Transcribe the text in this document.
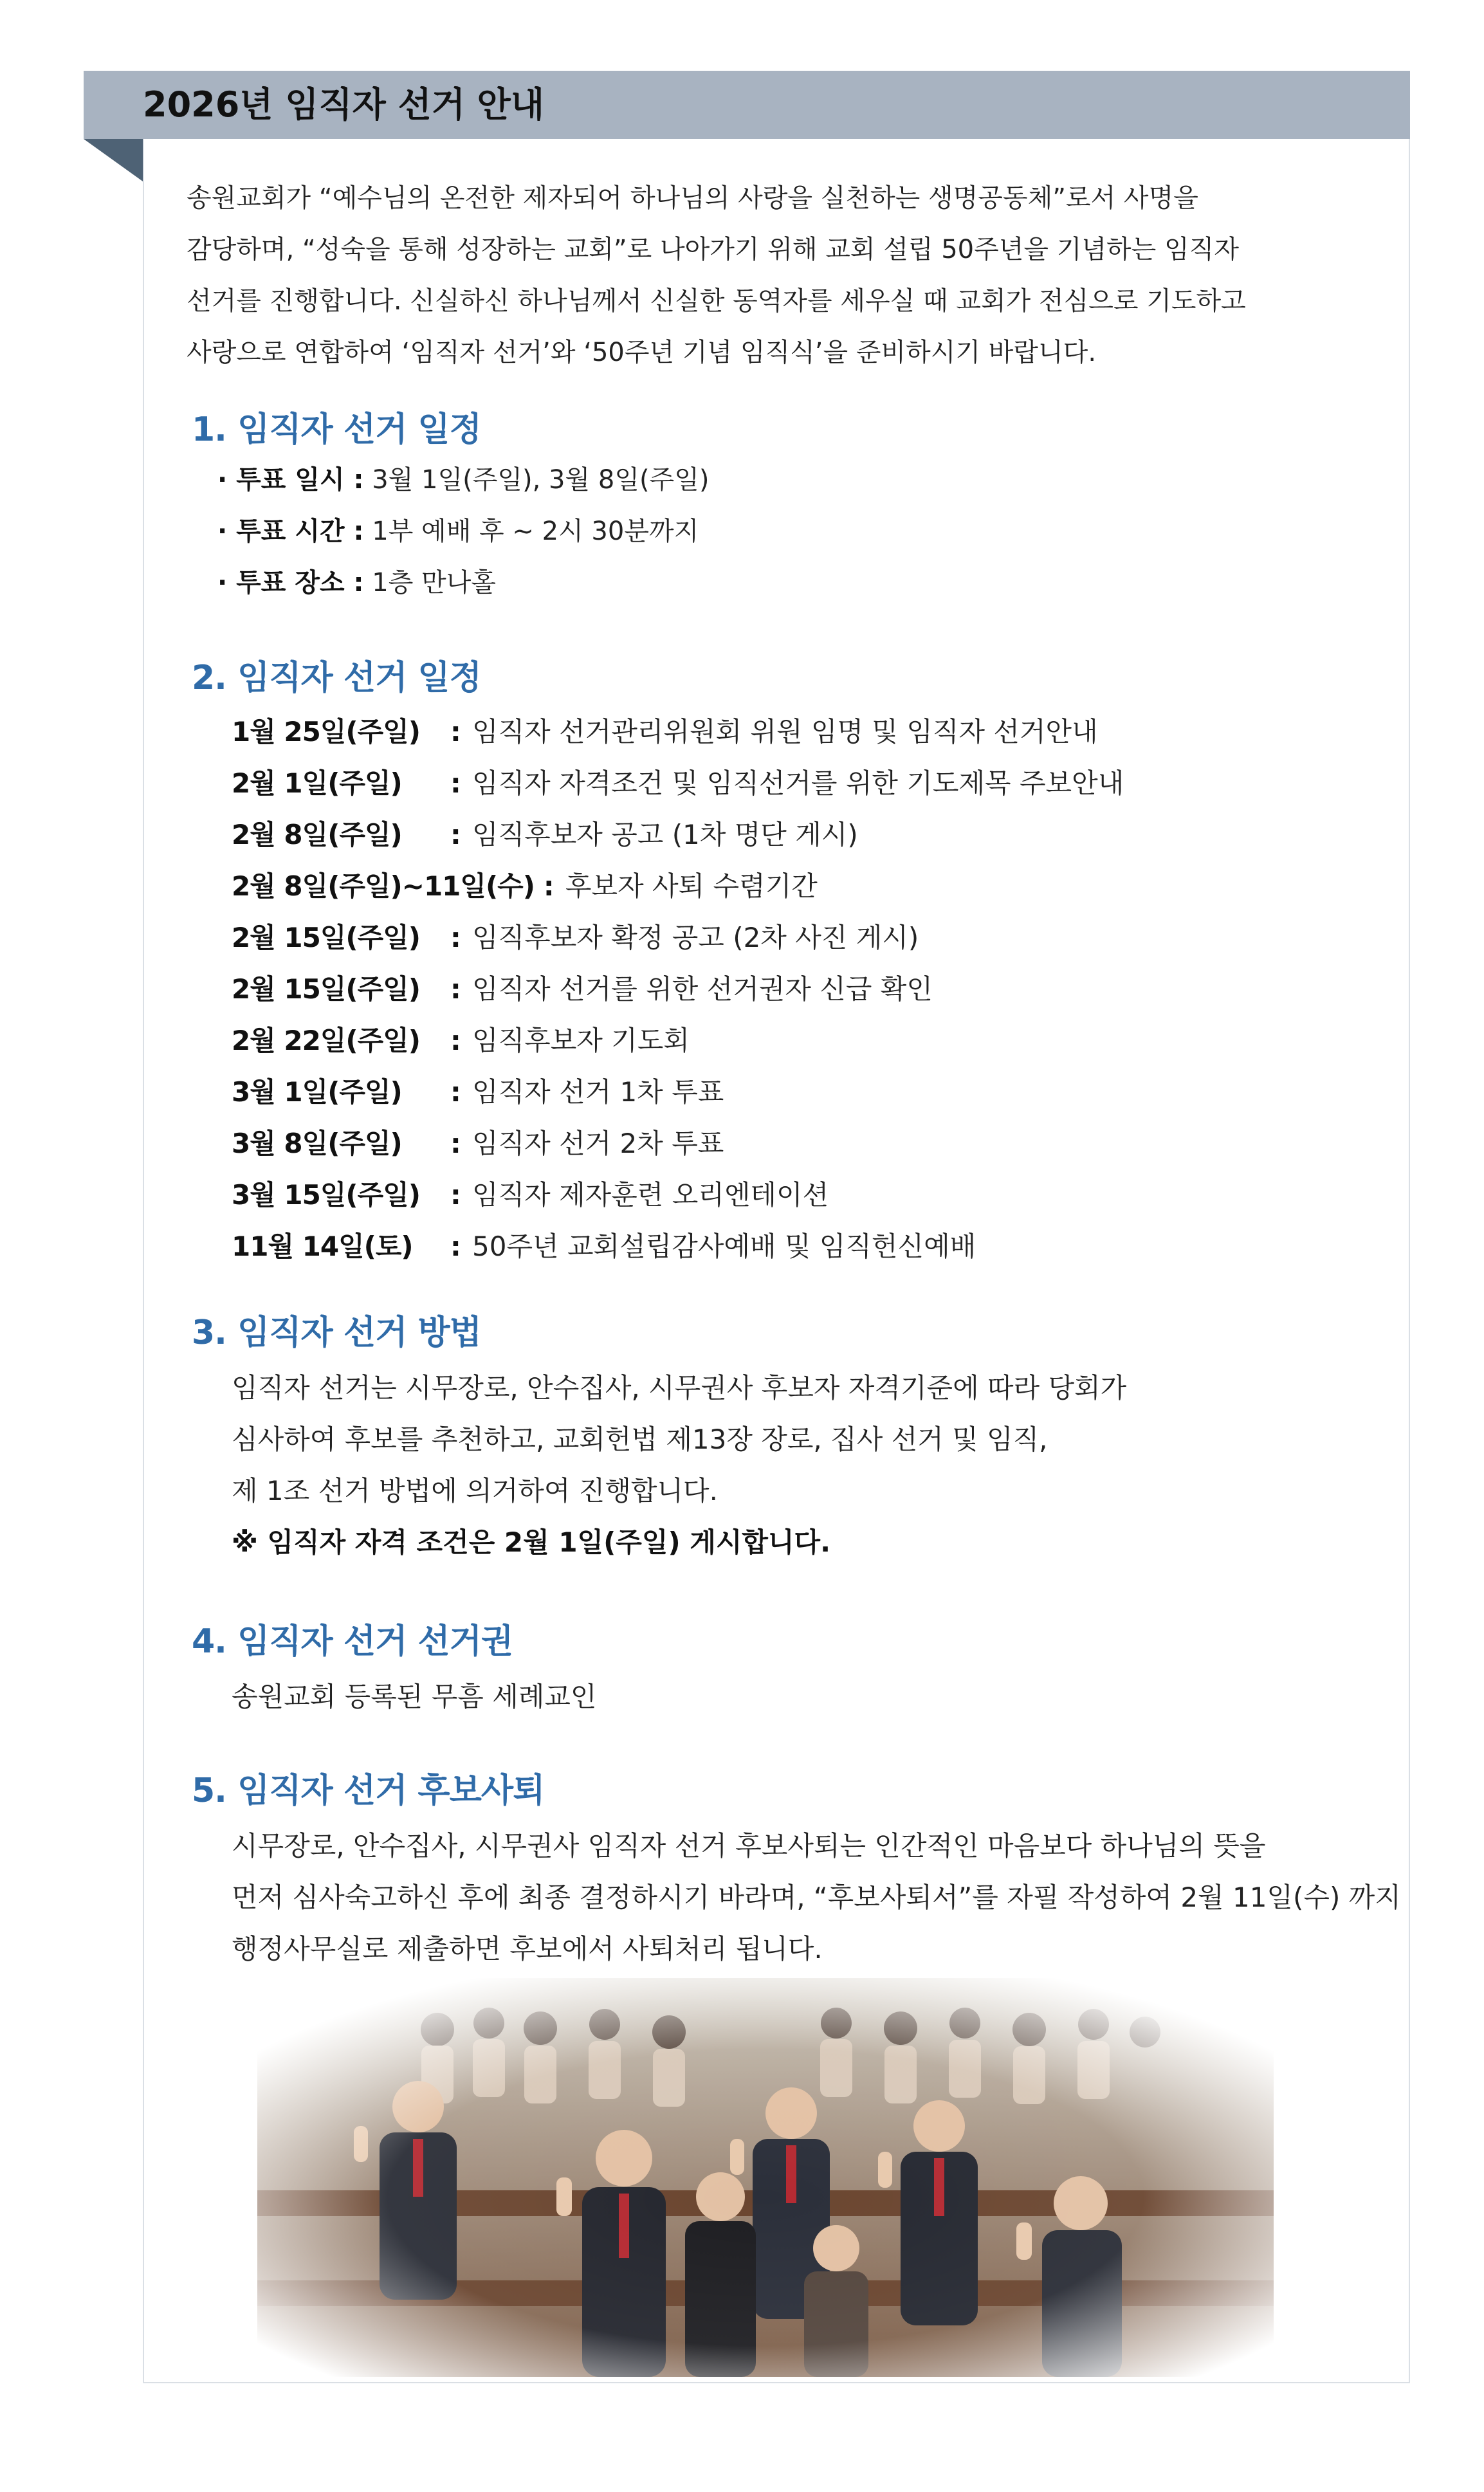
2026년 임직자 선거 안내

송원교회가 “예수님의 온전한 제자되어 하나님의 사랑을 실천하는 생명공동체”로서 사명을

감당하며, “성숙을 통해 성장하는 교회”로 나아가기 위해 교회 설립 50주년을 기념하는 임직자

선거를 진행합니다. 신실하신 하나님께서 신실한 동역자를 세우실 때 교회가 전심으로 기도하고

사랑으로 연합하여 ‘임직자 선거’와 ‘50주년 기념 임직식’을 준비하시기 바랍니다.

1. 임직자 선거 일정
· 투표 일시 : 3월 1일(주일), 3월 8일(주일)
· 투표 시간 : 1부 예배 후 ~ 2시 30분까지
· 투표 장소 : 1층 만나홀
2. 임직자 선거 일정
1월 25일(주일)	: 임직자 선거관리위원회 위원 임명 및 임직자 선거안내
2월 1일(주일)	: 임직자 자격조건 및 임직선거를 위한 기도제목 주보안내
2월 8일(주일)	: 임직후보자 공고 (1차 명단 게시)
2월 8일(주일)~11일(수) : 후보자 사퇴 수렴기간
2월 15일(주일)	: 임직후보자 확정 공고 (2차 사진 게시)
2월 15일(주일)	: 임직자 선거를 위한 선거권자 신급 확인
2월 22일(주일)	: 임직후보자 기도회
3월 1일(주일)	: 임직자 선거 1차 투표
3월 8일(주일)	: 임직자 선거 2차 투표
3월 15일(주일)	: 임직자 제자훈련 오리엔테이션
11월 14일(토)	: 50주년 교회설립감사예배 및 임직헌신예배
3. 임직자 선거 방법

임직자 선거는 시무장로, 안수집사, 시무권사 후보자 자격기준에 따라 당회가

심사하여 후보를 추천하고, 교회헌법 제13장 장로, 집사 선거 및 임직,

제 1조 선거 방법에 의거하여 진행합니다.

※ 임직자 자격 조건은 2월 1일(주일) 게시합니다.

4. 임직자 선거 선거권

송원교회 등록된 무흠 세례교인

5. 임직자 선거 후보사퇴

시무장로, 안수집사, 시무권사 임직자 선거 후보사퇴는 인간적인 마음보다 하나님의 뜻을

먼저 심사숙고하신 후에 최종 결정하시기 바라며, “후보사퇴서”를 자필 작성하여 2월 11일(수) 까지

행정사무실로 제출하면 후보에서 사퇴처리 됩니다.
